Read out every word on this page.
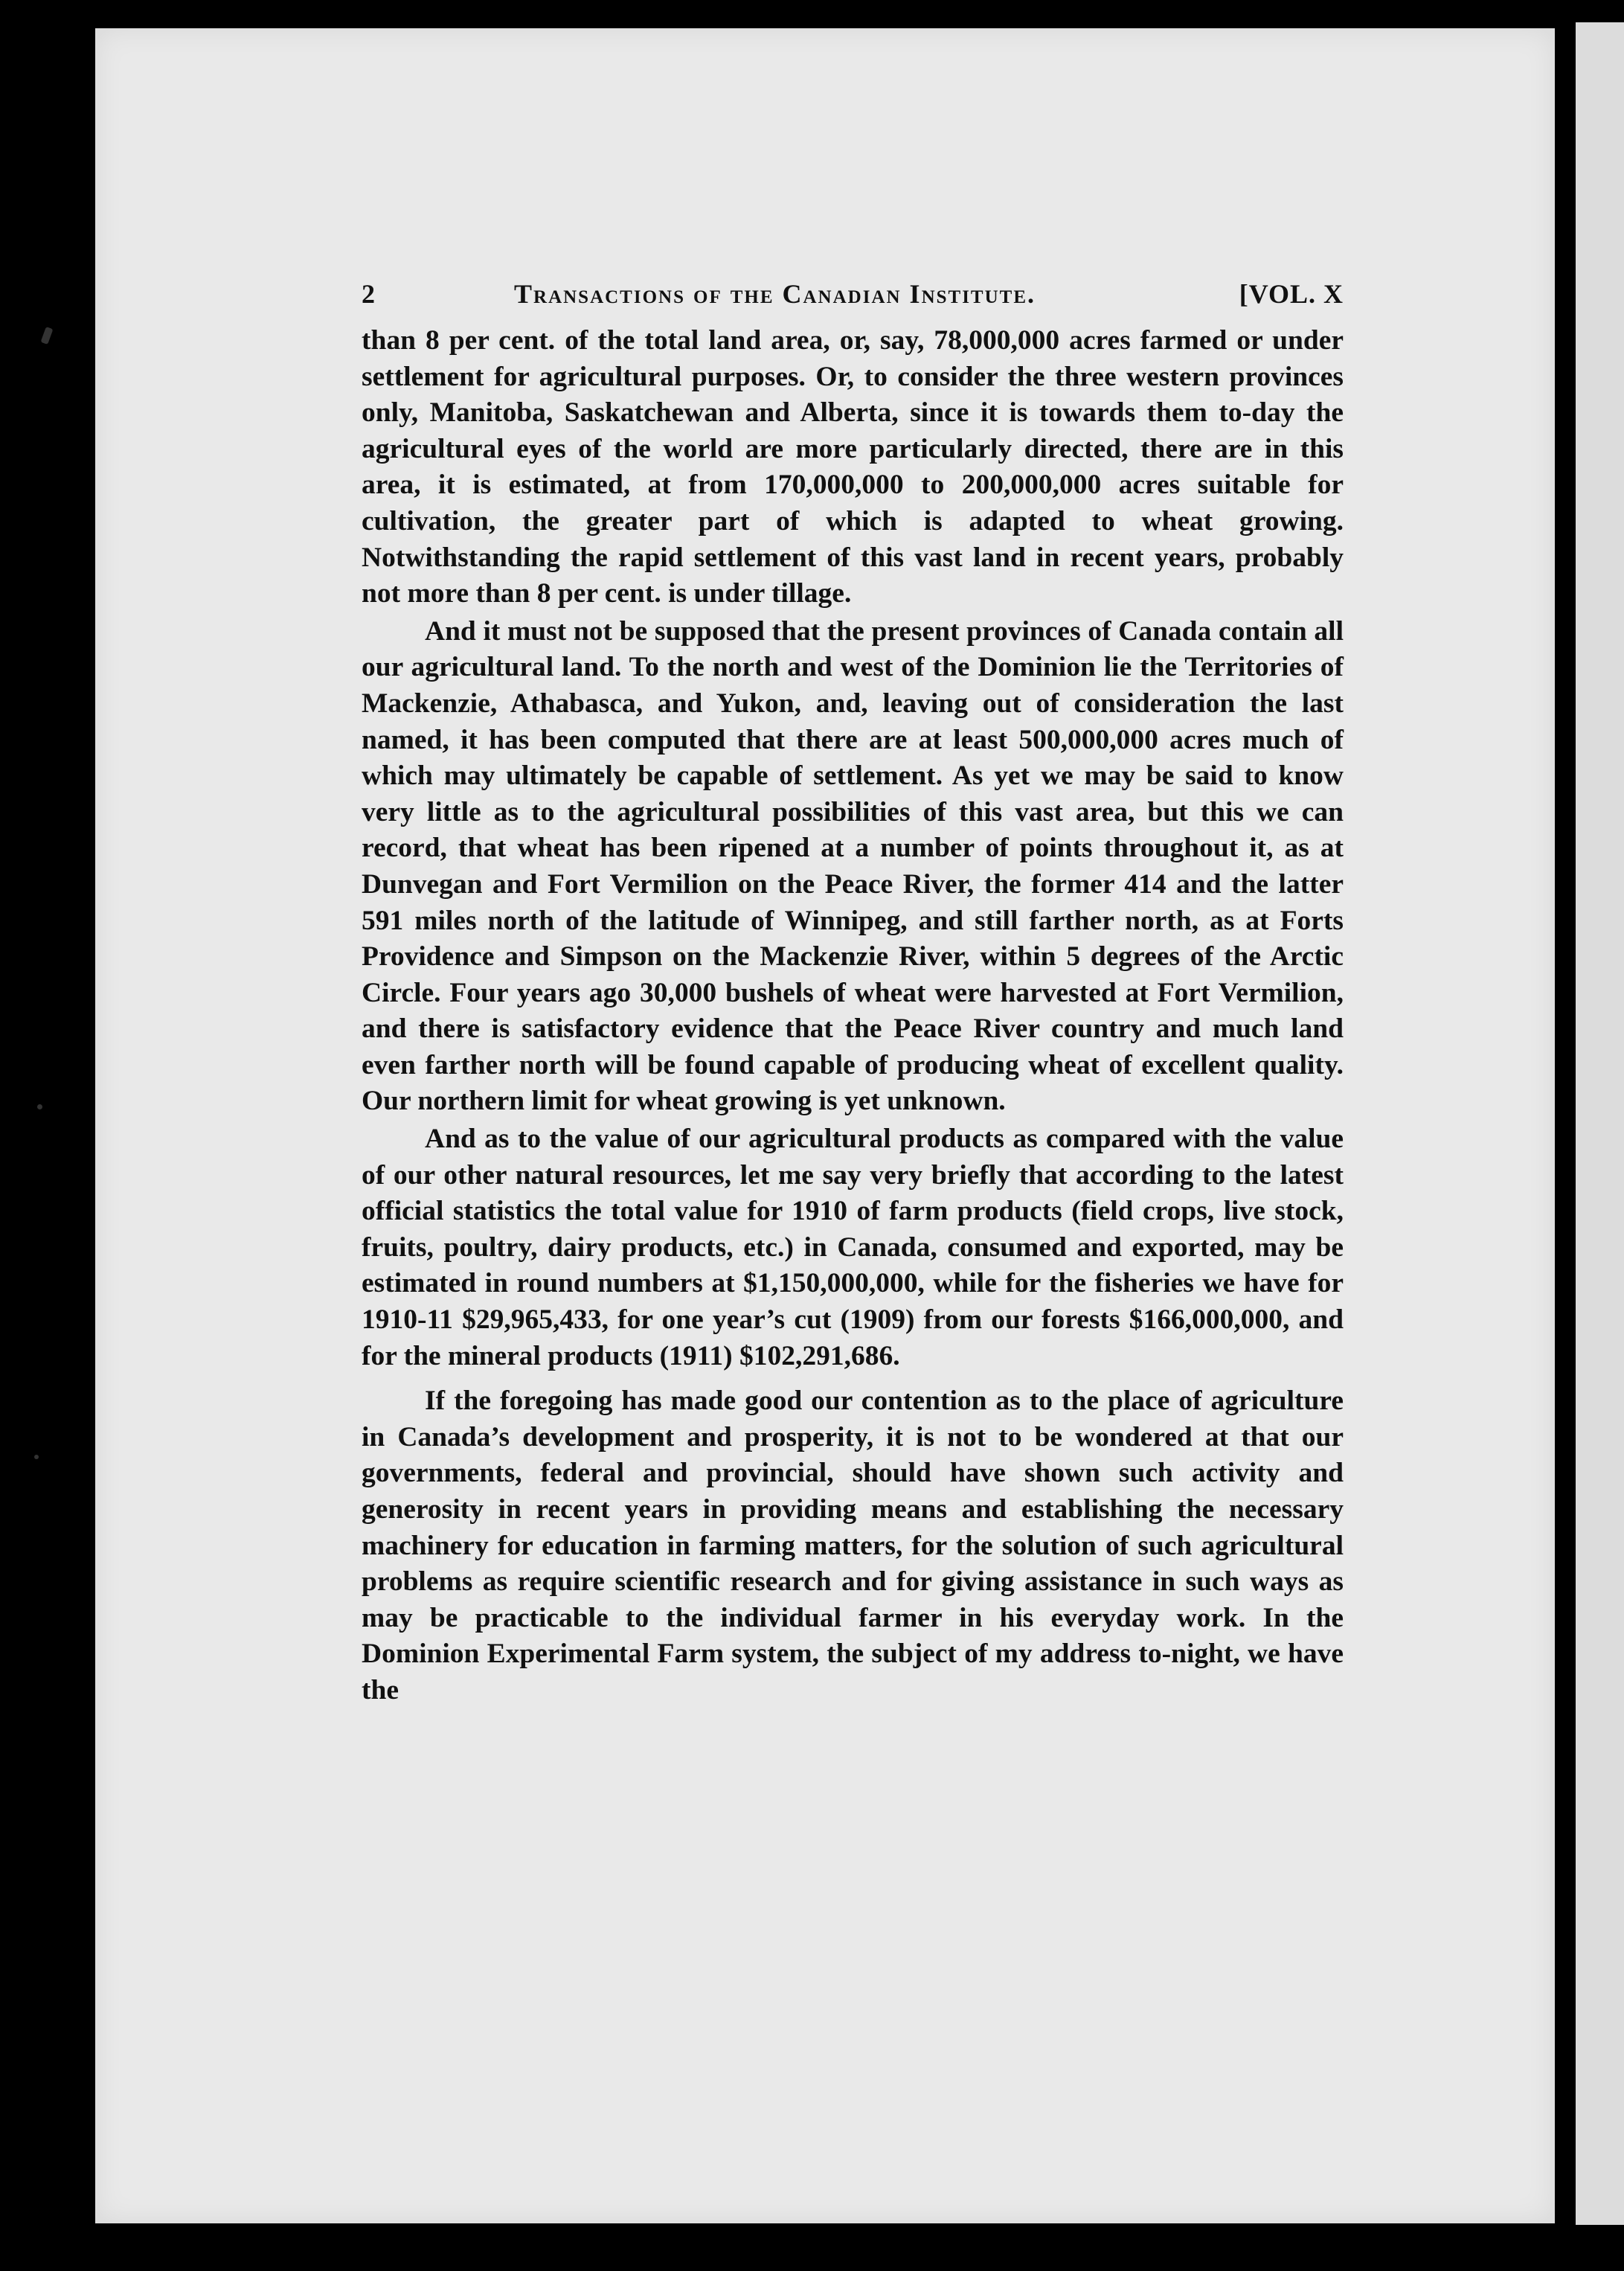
2	Transactions of the Canadian Institute.	[VOL. X

than 8 per cent. of the total land area, or, say, 78,000,000 acres farmed or under settlement for agricultural purposes. Or, to consider the three western provinces only, Manitoba, Saskatchewan and Alberta, since it is towards them to-day the agricultural eyes of the world are more particularly directed, there are in this area, it is estimated, at from 170,000,000 to 200,000,000 acres suitable for cultivation, the greater part of which is adapted to wheat growing. Notwithstanding the rapid settlement of this vast land in recent years, probably not more than 8 per cent. is under tillage.

And it must not be supposed that the present provinces of Canada contain all our agricultural land. To the north and west of the Dominion lie the Territories of Mackenzie, Athabasca, and Yukon, and, leaving out of consideration the last named, it has been computed that there are at least 500,000,000 acres much of which may ultimately be capable of settlement. As yet we may be said to know very little as to the agricultural possibilities of this vast area, but this we can record, that wheat has been ripened at a number of points throughout it, as at Dunvegan and Fort Vermilion on the Peace River, the former 414 and the latter 591 miles north of the latitude of Winnipeg, and still farther north, as at Forts Providence and Simpson on the Mackenzie River, within 5 degrees of the Arctic Circle. Four years ago 30,000 bushels of wheat were harvested at Fort Vermilion, and there is satisfactory evidence that the Peace River country and much land even farther north will be found capable of producing wheat of excellent quality. Our northern limit for wheat growing is yet unknown.

And as to the value of our agricultural products as compared with the value of our other natural resources, let me say very briefly that according to the latest official statistics the total value for 1910 of farm products (field crops, live stock, fruits, poultry, dairy products, etc.) in Canada, consumed and exported, may be estimated in round numbers at $1,150,000,000, while for the fisheries we have for 1910-11 $29,965,433, for one year’s cut (1909) from our forests $166,000,000, and for the mineral products (1911) $102,291,686.

If the foregoing has made good our contention as to the place of agriculture in Canada’s development and prosperity, it is not to be wondered at that our governments, federal and provincial, should have shown such activity and generosity in recent years in providing means and establishing the necessary machinery for education in farming matters, for the solution of such agricultural problems as require scientific research and for giving assistance in such ways as may be practicable to the individual farmer in his everyday work. In the Dominion Experimental Farm system, the subject of my address to-night, we have the
